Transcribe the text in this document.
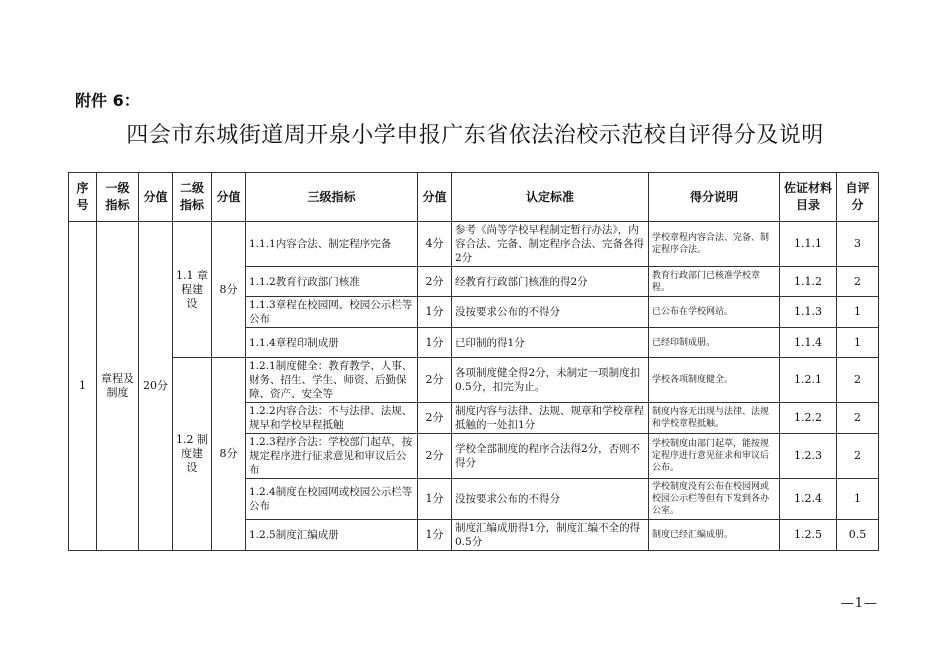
附件 6：
四会市东城街道周开泉小学申报广东省依法治校示范校自评得分及说明
序号	一级指标	分值	二级指标	分值	三级指标	分值	认定标准	得分说明	佐证材料目录	自评分
1	章程及制度	20分	1.1 章程建设	8分	1.1.1内容合法、制定程序完备	4分	参考《尚等学校早程制定暂行办法》，内容合法、完备、制定程序合法、完备各得2分	学校章程内容合法、完备、制定程序合法。	1.1.1	3
					1.1.2教育行政部门核准	2分	经教育行政部门核准的得2分	教育行政部门已核准学校章程。	1.1.2	2
					1.1.3章程在校园网、校园公示栏等公布	1分	没按要求公布的不得分	已公布在学校网站。	1.1.3	1
					1.1.4章程印制成册	1分	已印制的得1分	已经印制成册。	1.1.4	1
			1.2 制度建设	8分	1.2.1制度健全：教育教学、人事、财务、招生、学生、师资、后勤保障、资产、安全等	2分	各项制度健全得2分，未制定一项制度扣0.5分，扣完为止。	学校各项制度健全。	1.2.1	2
					1.2.2内容合法：不与法律、法规、规早和学校早程抵触	2分	制度内容与法律、法规、规章和学校章程抵触的一处扣1分	制度内容无出现与法律、法规和学校章程抵触。	1.2.2	2
					1.2.3程序合法：学校部门起草，按规定程序进行征求意见和审议后公布	2分	学校全部制度的程序合法得2分，否则不得分	学校制度由部门起草，能按规定程序进行意见征求和审议后公布。	1.2.3	2
					1.2.4制度在校园网或校园公示栏等公布	1分	没按要求公布的不得分	学校制度没有公布在校园网或校园公示栏等但有下发到各办公室。	1.2.4	1
					1.2.5制度汇编成册	1分	制度汇编成册得1分，制度汇编不全的得0.5分	制度已经汇编成册。	1.2.5	0.5
—1—
